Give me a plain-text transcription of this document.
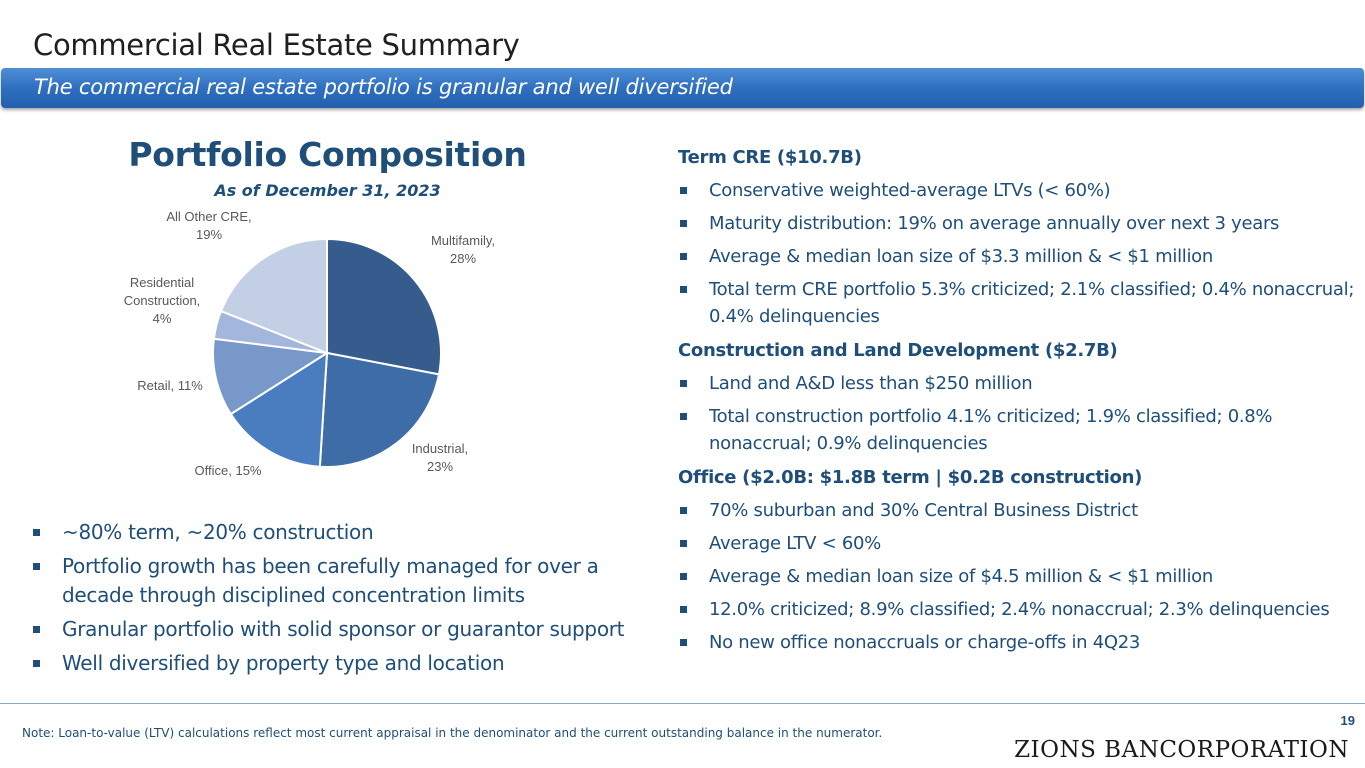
Commercial Real Estate Summary
The commercial real estate portfolio is granular and well diversified
Portfolio Composition
As of December 31, 2023
Multifamily, 28%
Industrial, 23%
Office, 15%
Retail, 11%
Residential Construction, 4%
All Other CRE, 19%
~80% term, ~20% construction
Portfolio growth has been carefully managed for over a decade through disciplined concentration limits
Granular portfolio with solid sponsor or guarantor support
Well diversified by property type and location
Term CRE ($10.7B)
Conservative weighted-average LTVs (< 60%)
Maturity distribution: 19% on average annually over next 3 years
Average & median loan size of $3.3 million & < $1 million
Total term CRE portfolio 5.3% criticized; 2.1% classified; 0.4% nonaccrual; 0.4% delinquencies
Construction and Land Development ($2.7B)
Land and A&D less than $250 million
Total construction portfolio 4.1% criticized; 1.9% classified; 0.8% nonaccrual; 0.9% delinquencies
Office ($2.0B: $1.8B term | $0.2B construction)
70% suburban and 30% Central Business District
Average LTV < 60%
Average & median loan size of $4.5 million & < $1 million
12.0% criticized; 8.9% classified; 2.4% nonaccrual; 2.3% delinquencies
No new office nonaccruals or charge-offs in 4Q23
Note: Loan-to-value (LTV) calculations reflect most current appraisal in the denominator and the current outstanding balance in the numerator.
19
ZIONS BANCORPORATION
